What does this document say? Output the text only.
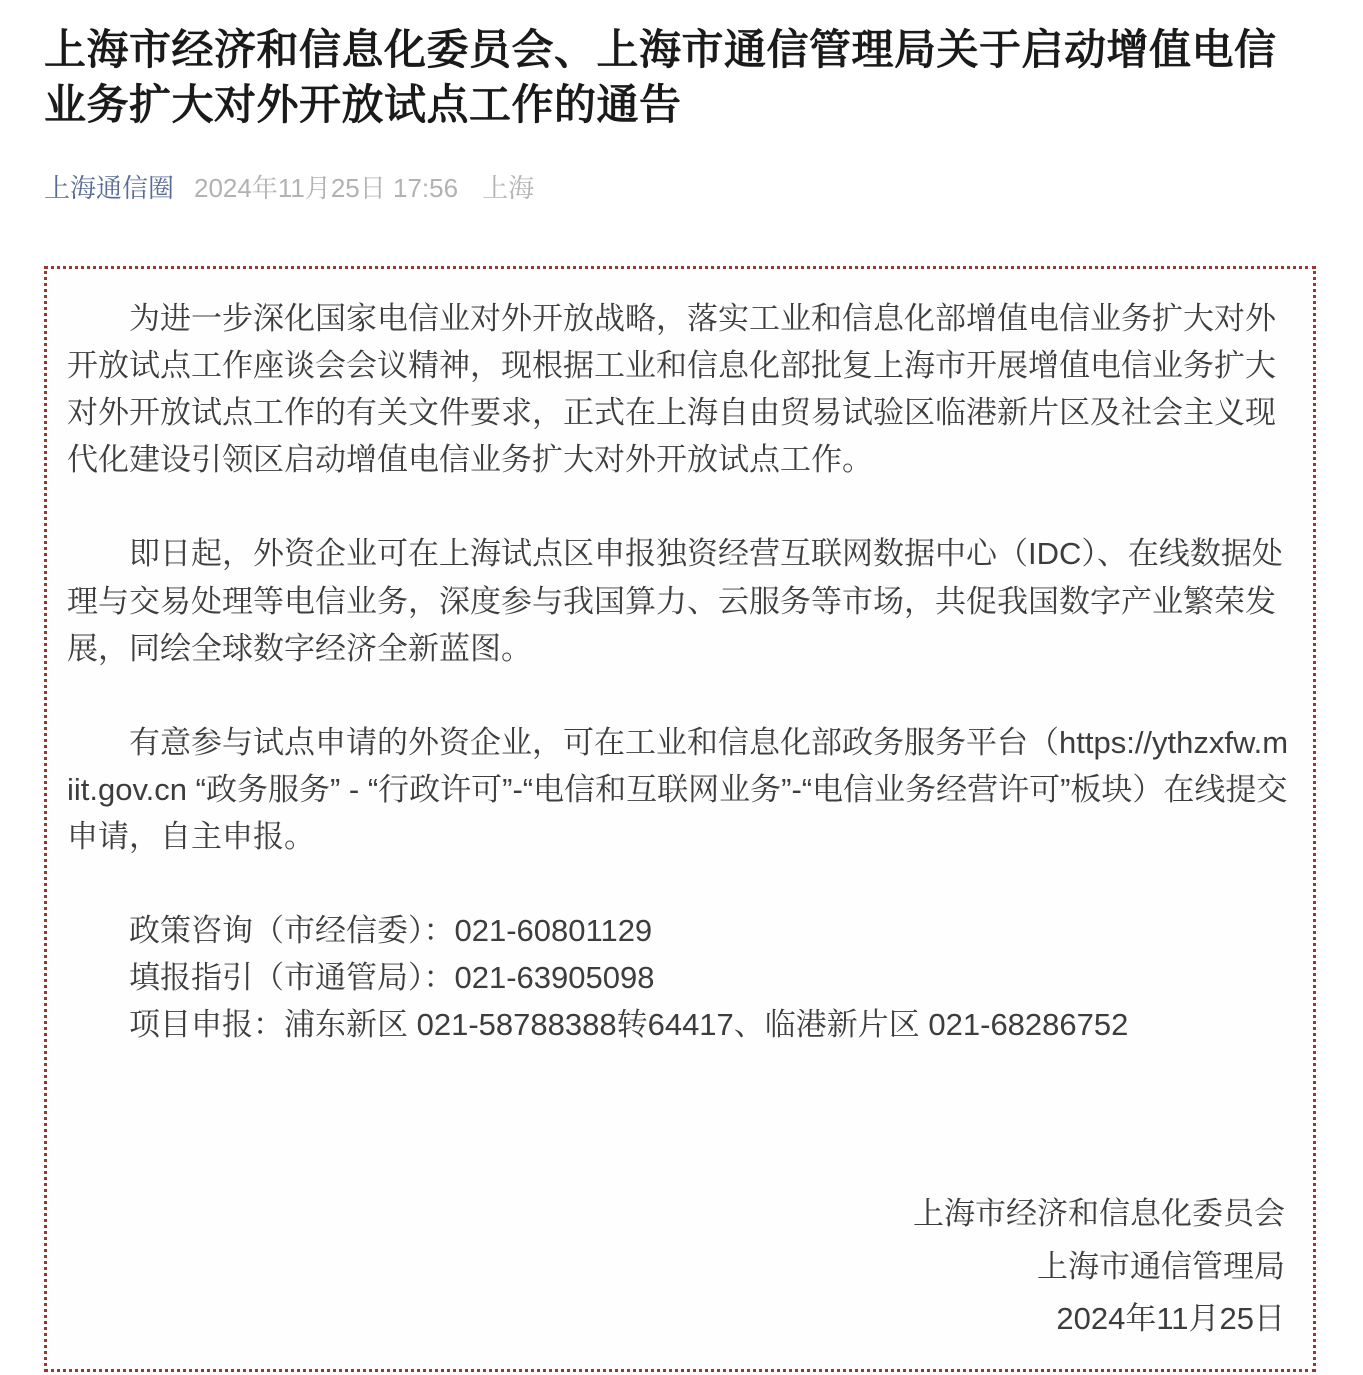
上海市经济和信息化委员会、上海市通信管理局关于启动增值电信业务扩大对外开放试点工作的通告
上海通信圈 2024年11月25日 17:56 上海

为进一步深化国家电信业对外开放战略，落实工业和信息化部增值电信业务扩大对外开放试点工作座谈会会议精神，现根据工业和信息化部批复上海市开展增值电信业务扩大对外开放试点工作的有关文件要求，正式在上海自由贸易试验区临港新片区及社会主义现代化建设引领区启动增值电信业务扩大对外开放试点工作。

即日起，外资企业可在上海试点区申报独资经营互联网数据中心（IDC）、在线数据处理与交易处理等电信业务，深度参与我国算力、云服务等市场，共促我国数字产业繁荣发展，同绘全球数字经济全新蓝图。

有意参与试点申请的外资企业，可在工业和信息化部政务服务平台（https://ythzxfw.miit.gov.cn “政务服务” - “行政许可”-“电信和互联网业务”-“电信业务经营许可”板块）在线提交申请，自主申报。

政策咨询（市经信委）：021-60801129

填报指引（市通管局）：021-63905098

项目申报：浦东新区 021-58788388转64417、临港新片区 021-68286752

上海市经济和信息化委员会

上海市通信管理局

2024年11月25日
